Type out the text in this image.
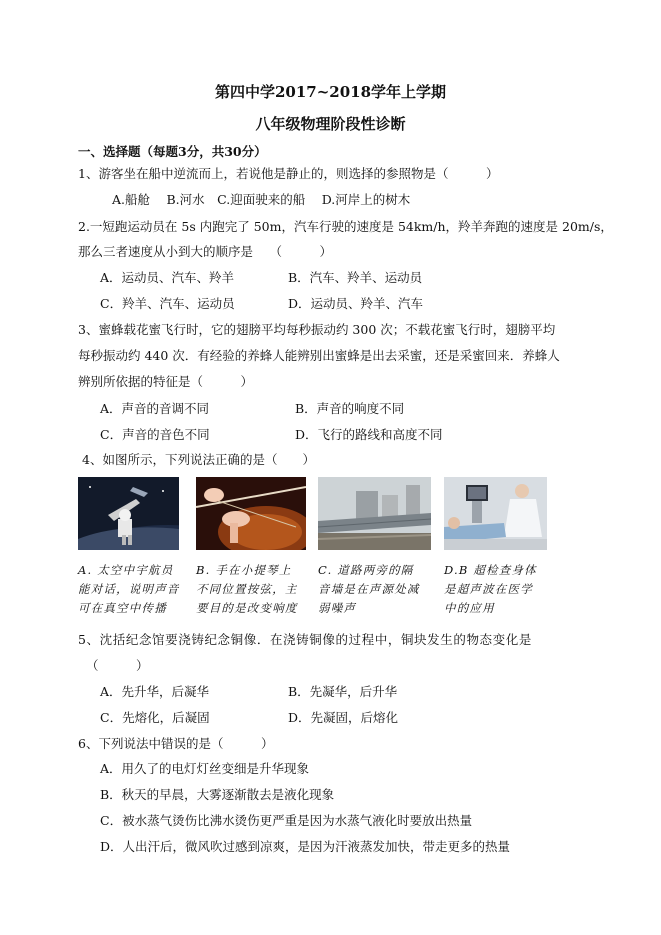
第四中学2017~2018学年上学期
八年级物理阶段性诊断
一、选择题（每题3分，共30分）
1、游客坐在船中逆流而上，若说他是静止的，则选择的参照物是（　　　）
A.船舱　 B.河水　C.迎面驶来的船　 D.河岸上的树木
2.一短跑运动员在 5s 内跑完了 50m，汽车行驶的速度是 54km/h，羚羊奔跑的速度是 20m/s，
那么三者速度从小到大的顺序是　 （　　　）
A．运动员、汽车、羚羊	B．汽车、羚羊、运动员
C．羚羊、汽车、运动员	D．运动员、羚羊、汽车
3、蜜蜂载花蜜飞行时，它的翅膀平均每秒振动约 300 次；不载花蜜飞行时，翅膀平均
每秒振动约 440 次．有经验的养蜂人能辨别出蜜蜂是出去采蜜，还是采蜜回来．养蜂人
辨别所依据的特征是（　　　）
A．声音的音调不同	B．声音的响度不同
C．声音的音色不同	D．飞行的路线和高度不同
4、如图所示，下列说法正确的是（　　）
A. 太空中宇航员
能对话，说明声音
可在真空中传播
B. 手在小提琴上
不同位置按弦，主
要目的是改变响度
C. 道路两旁的隔
音墙是在声源处减
弱噪声
D.B 超检查身体
是超声波在医学
中的应用
5、沈括纪念馆要浇铸纪念铜像．在浇铸铜像的过程中，铜块发生的物态变化是
（　　　）
A．先升华，后凝华	B．先凝华，后升华
C．先熔化，后凝固	D．先凝固，后熔化
6、下列说法中错误的是（　　　）
A．用久了的电灯灯丝变细是升华现象
B．秋天的早晨，大雾逐渐散去是液化现象
C．被水蒸气烫伤比沸水烫伤更严重是因为水蒸气液化时要放出热量
D．人出汗后，微风吹过感到凉爽，是因为汗液蒸发加快，带走更多的热量
